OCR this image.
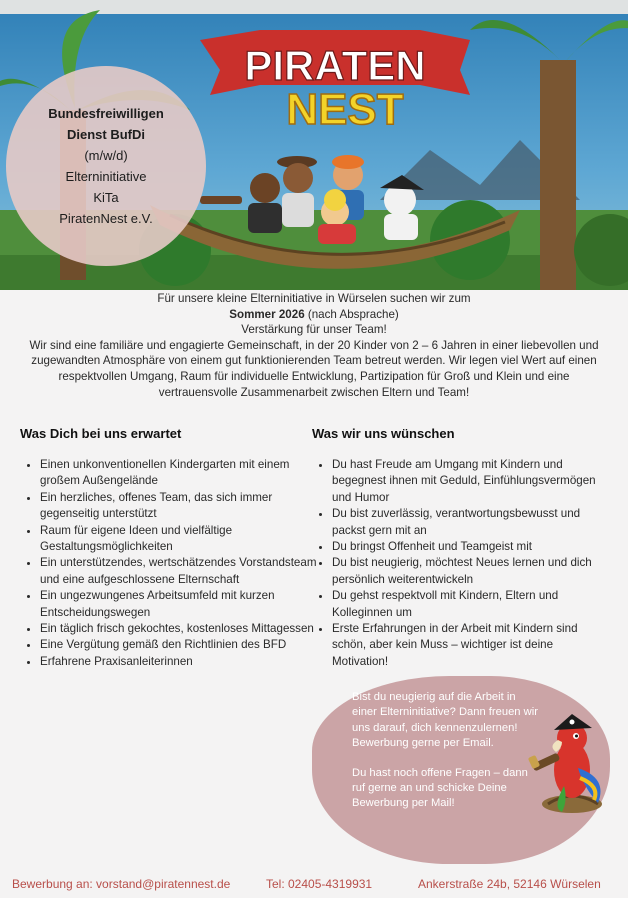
PIRATEN
NEST
Bundesfreiwilligen
Dienst BufDi
(m/w/d)
Elterninitiative
KiTa
PiratenNest e.V.
Für unsere kleine Elterninitiative in Würselen suchen wir zum
Sommer 2026 (nach Absprache)
Verstärkung für unser Team!
Wir sind eine familiäre und engagierte Gemeinschaft, in der 20 Kinder von 2 – 6 Jahren in einer liebevollen und zugewandten Atmosphäre von einem gut funktionierenden Team betreut werden. Wir legen viel Wert auf einen respektvollen Umgang, Raum für individuelle Entwicklung, Partizipation für Groß und Klein und eine vertrauensvolle Zusammenarbeit zwischen Eltern und Team!
Was Dich bei uns erwartet
• Einen unkonventionellen Kindergarten mit einem großem Außengelände
• Ein herzliches, offenes Team, das sich immer gegenseitig unterstützt
• Raum für eigene Ideen und vielfältige Gestaltungsmöglichkeiten
• Ein unterstützendes, wertschätzendes Vorstandsteam und eine aufgeschlossene Elternschaft
• Ein ungezwungenes Arbeitsumfeld mit kurzen Entscheidungswegen
• Ein täglich frisch gekochtes, kostenloses Mittagessen
• Eine Vergütung gemäß den Richtlinien des BFD
• Erfahrene Praxisanleiterinnen
Was wir uns wünschen
• Du hast Freude am Umgang mit Kindern und begegnest ihnen mit Geduld, Einfühlungsvermögen und Humor
• Du bist zuverlässig, verantwortungsbewusst und packst gern mit an
• Du bringst Offenheit und Teamgeist mit
• Du bist neugierig, möchtest Neues lernen und dich persönlich weiterentwickeln
• Du gehst respektvoll mit Kindern, Eltern und Kolleginnen um
• Erste Erfahrungen in der Arbeit mit Kindern sind schön, aber kein Muss – wichtiger ist deine Motivation!
Bist du neugierig auf die Arbeit in einer Elterninitiative? Dann freuen wir uns darauf, dich kennenzulernen! Bewerbung gerne per Email.
Du hast noch offene Fragen – dann ruf gerne an und schicke Deine Bewerbung per Mail!
Bewerbung an: vorstand@piratennest.de	Tel: 02405-4319931	Ankerstraße 24b, 52146 Würselen
